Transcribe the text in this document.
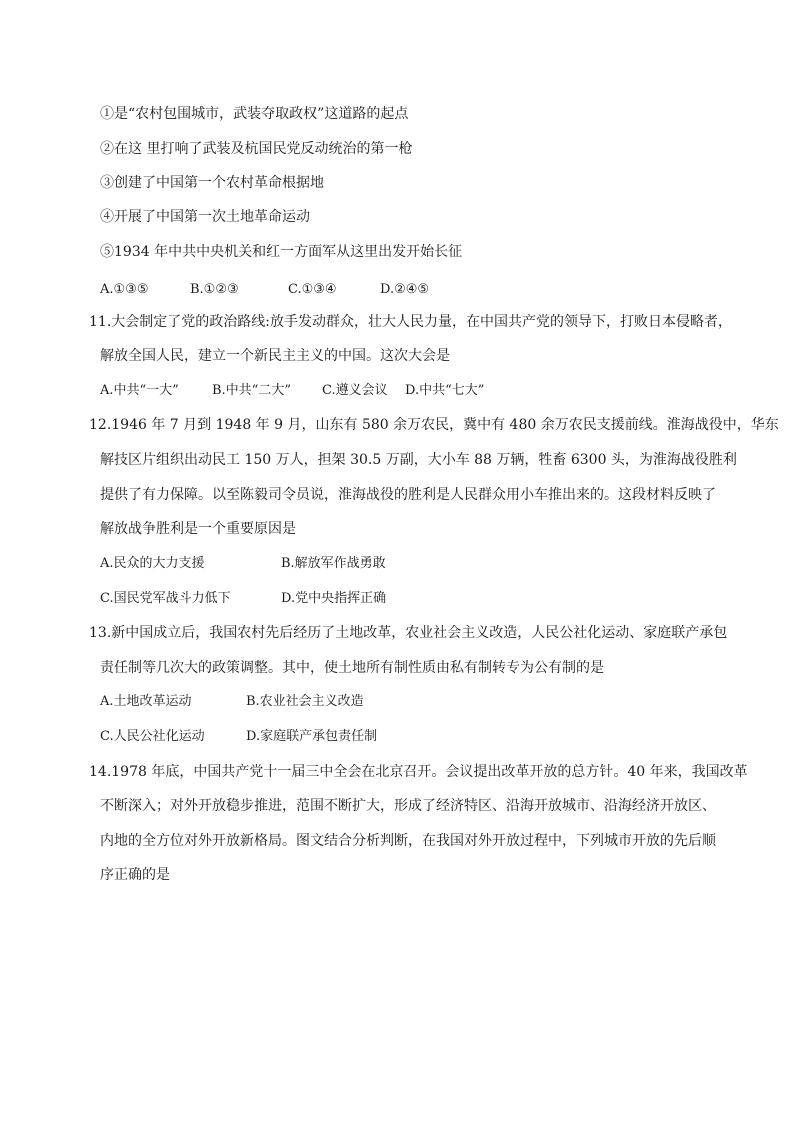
①是“农村包围城市，武装夺取政权”这道路的起点
②在这 里打响了武装及杭国民党反动统治的第一枪
③创建了中国第一个农村革命根据地
④开展了中国第一次土地革命运动
⑤1934 年中共中央机关和红一方面军从这里出发开始长征
A.①③⑤	B.①②③	C.①③④	D.②④⑤
11.大会制定了党的政治路线:放手发动群众，壮大人民力量，在中国共产党的领导下，打败日本侵略者，
解放全国人民，建立一个新民主主义的中国。这次大会是
A.中共“一大”	B.中共“二大” C.遵义会议 D.中共“七大”
12.1946 年 7 月到 1948 年 9 月，山东有 580 余万农民，冀中有 480 余万农民支援前线。淮海战役中，华东
解技区片组织出动民工 150 万人，担架 30.5 万副，大小车 88 万辆，牲畜 6300 头，为淮海战役胜利
提供了有力保障。以至陈毅司令员说，淮海战役的胜利是人民群众用小车推出来的。这段材料反映了
解放战争胜利是一个重要原因是
A.民众的大力支援	B.解放军作战勇敢
C.国民党军战斗力低下	D.党中央指挥正确
13.新中国成立后，我国农村先后经历了土地改革，农业社会主义改造，人民公社化运动、家庭联产承包
责任制等几次大的政策调整。其中，使土地所有制性质由私有制转专为公有制的是
A.土地改革运动	B.农业社会主义改造
C.人民公社化运动	D.家庭联产承包责任制
14.1978 年底，中国共产党十一届三中全会在北京召开。会议提出改革开放的总方针。40 年来，我国改革
不断深入；对外开放稳步推进，范围不断扩大，形成了经济特区、沿海开放城市、沿海经济开放区、
内地的全方位对外开放新格局。图文结合分析判断，在我国对外开放过程中，下列城市开放的先后顺
序正确的是
